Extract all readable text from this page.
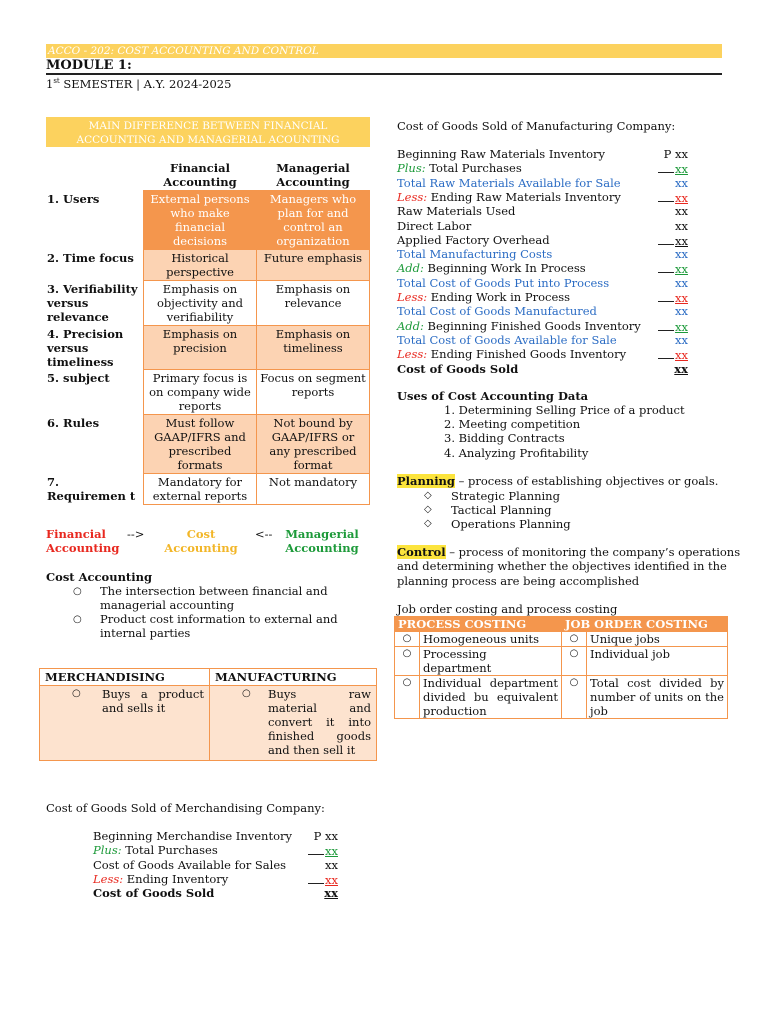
ACCO - 202: COST ACCOUNTING AND CONTROL
MODULE 1:
1st SEMESTER | A.Y. 2024-2025
MAIN DIFFERENCE BETWEEN FINANCIAL
ACCOUNTING AND MANAGERIAL ACOUNTING
	Financial Accounting	Managerial Accounting
1. Users	External persons who make financial decisions	Managers who plan for and control an organization
2. Time focus	Historical perspective	Future emphasis
3. Verifiability versus relevance	Emphasis on objectivity and verifiability	Emphasis on relevance
4. Precision versus timeliness	Emphasis on precision	Emphasis on timeliness
5. subject	Primary focus is on company wide reports	Focus on segment reports
6. Rules	Must follow GAAP/IFRS and prescribed formats	Not bound by GAAP/IFRS or any prescribed format
7. Requiremen t	Mandatory for external reports	Not mandatory
Financial Accounting
-->	Cost Accounting
<-- Managerial Accounting
Cost Accounting
○ The intersection between financial and managerial accounting
○ Product cost information to external and internal parties
MERCHANDISING	MANUFACTURING

○ Buys a product and sells it	○ Buys raw material and convert it into finished goods and then sell it
Cost of Goods Sold of Merchandising Company:
Beginning Merchandise Inventory P xx
Plus: Total Purchases	xx
Cost of Goods Available for Sales	xx
Less: Ending Inventory	xx
Cost of Goods Sold	xx
Cost of Goods Sold of Manufacturing Company:
Beginning Raw Materials Inventory	P xx
Plus: Total Purchases	xx
Total Raw Materials Available for Sale	xx
Less: Ending Raw Materials Inventory	xx
Raw Materials Used	xx
Direct Labor	xx
Applied Factory Overhead	xx
Total Manufacturing Costs	xx
Add: Beginning Work In Process	xx
Total Cost of Goods Put into Process	xx
Less: Ending Work in Process	xx
Total Cost of Goods Manufactured	xx
Add: Beginning Finished Goods Inventory	xx
Total Cost of Goods Available for Sale	xx
Less: Ending Finished Goods Inventory	xx
Cost of Goods Sold	xx
Uses of Cost Accounting Data
1. Determining Selling Price of a product
2. Meeting competition
3. Bidding Contracts
4. Analyzing Profitability
Planning – process of establishing objectives or goals.
◇ Strategic Planning
◇ Tactical Planning
◇ Operations Planning
Control – process of monitoring the company’s operations
and determining whether the objectives identified in the
planning process are being accomplished
Job order costing and process costing
PROCESS COSTING		JOB ORDER COSTING	
○	Homogeneous units	○	Unique jobs
○	Processing department	○	Individual job
○	Individual department divided bu equivalent production	○	Total cost divided by number of units on the job
